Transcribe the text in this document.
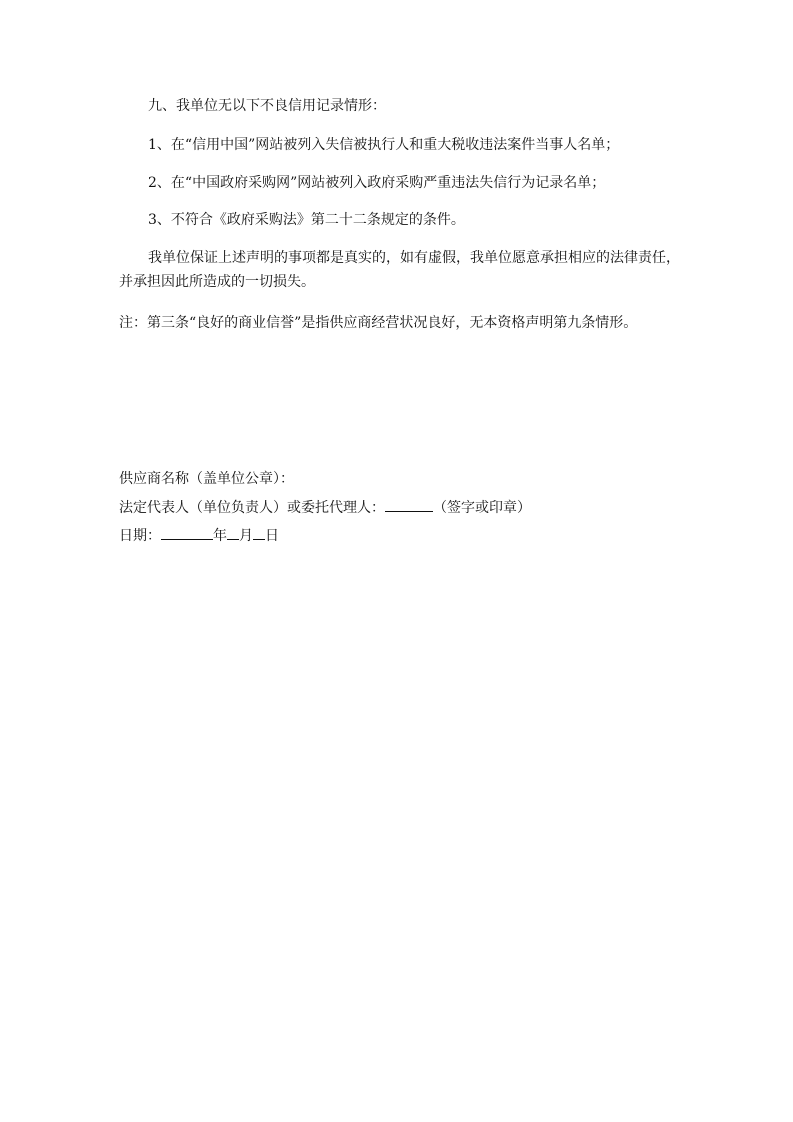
九、我单位无以下不良信用记录情形：
1、在“信用中国”网站被列入失信被执行人和重大税收违法案件当事人名单；
2、在“中国政府采购网”网站被列入政府采购严重违法失信行为记录名单；
3、不符合《政府采购法》第二十二条规定的条件。
我单位保证上述声明的事项都是真实的，如有虚假，我单位愿意承担相应的法律责任，
并承担因此所造成的一切损失。
注：第三条“良好的商业信誉”是指供应商经营状况良好，无本资格声明第九条情形。
供应商名称（盖单位公章）：
法定代表人（单位负责人）或委托代理人：	（签字或印章）
日期：	年 月 日
